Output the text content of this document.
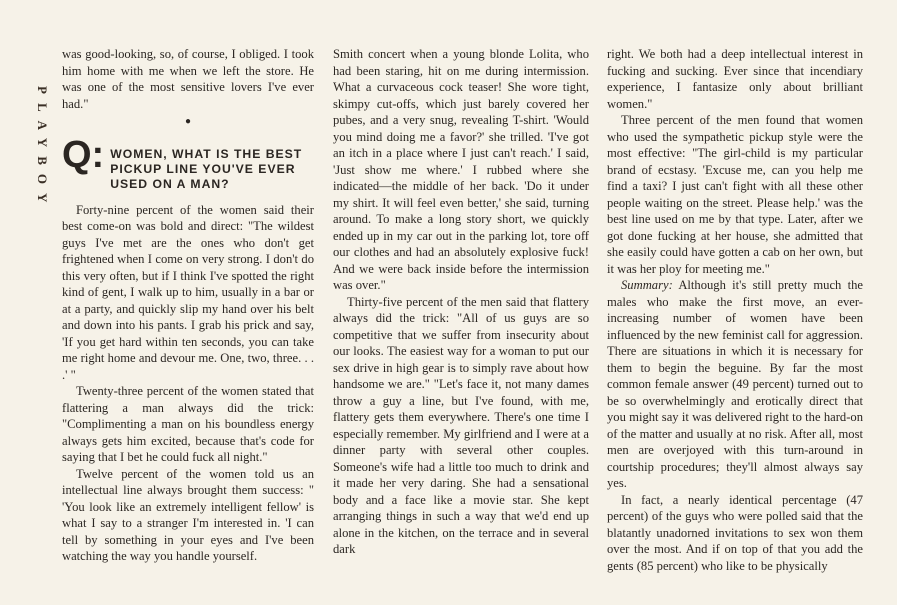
PLAYBOY

was good-looking, so, of course, I obliged. I took him home with me when we left the store. He was one of the most sensitive lovers I've ever had."

●
Q: WOMEN, WHAT IS THE BEST PICKUP LINE YOU'VE EVER USED ON A MAN?

Forty-nine percent of the women said their best come-on was bold and direct: "The wildest guys I've met are the ones who don't get frightened when I come on very strong. I don't do this very often, but if I think I've spotted the right kind of gent, I walk up to him, usually in a bar or at a party, and quickly slip my hand over his belt and down into his pants. I grab his prick and say, 'If you get hard within ten seconds, you can take me right home and devour me. One, two, three. . . .' "

Twenty-three percent of the women stated that flattering a man always did the trick: "Complimenting a man on his boundless energy always gets him excited, because that's code for saying that I bet he could fuck all night."

Twelve percent of the women told us an intellectual line always brought them success: " 'You look like an extremely intelligent fellow' is what I say to a stranger I'm interested in. 'I can tell by something in your eyes and I've been watching the way you handle yourself.

Smith concert when a young blonde Lolita, who had been staring, hit on me during intermission. What a curvaceous cock teaser! She wore tight, skimpy cut-offs, which just barely covered her pubes, and a very snug, revealing T-shirt. 'Would you mind doing me a favor?' she trilled. 'I've got an itch in a place where I just can't reach.' I said, 'Just show me where.' I rubbed where she indicated—the middle of her back. 'Do it under my shirt. It will feel even better,' she said, turning around. To make a long story short, we quickly ended up in my car out in the parking lot, tore off our clothes and had an absolutely explosive fuck! And we were back inside before the intermission was over."

Thirty-five percent of the men said that flattery always did the trick: "All of us guys are so competitive that we suffer from insecurity about our looks. The easiest way for a woman to put our sex drive in high gear is to simply rave about how handsome we are." "Let's face it, not many dames throw a guy a line, but I've found, with me, flattery gets them everywhere. There's one time I especially remember. My girlfriend and I were at a dinner party with several other couples. Someone's wife had a little too much to drink and it made her very daring. She had a sensational body and a face like a movie star. She kept arranging things in such a way that we'd end up alone in the kitchen, on the terrace and in several dark

right. We both had a deep intellectual interest in fucking and sucking. Ever since that incendiary experience, I fantasize only about brilliant women."

Three percent of the men found that women who used the sympathetic pickup style were the most effective: "The girl-child is my particular brand of ecstasy. 'Excuse me, can you help me find a taxi? I just can't fight with all these other people waiting on the street. Please help.' was the best line used on me by that type. Later, after we got done fucking at her house, she admitted that she easily could have gotten a cab on her own, but it was her ploy for meeting me."

Summary: Although it's still pretty much the males who make the first move, an ever-increasing number of women have been influenced by the new feminist call for aggression. There are situations in which it is necessary for them to begin the beguine. By far the most common female answer (49 percent) turned out to be so overwhelmingly and erotically direct that you might say it was delivered right to the hard-on of the matter and usually at no risk. After all, most men are overjoyed with this turn-around in courtship procedures; they'll almost always say yes.

In fact, a nearly identical percentage (47 percent) of the guys who were polled said that the blatantly unadorned invitations to sex won them over the most. And if on top of that you add the gents (85 percent) who like to be physically
